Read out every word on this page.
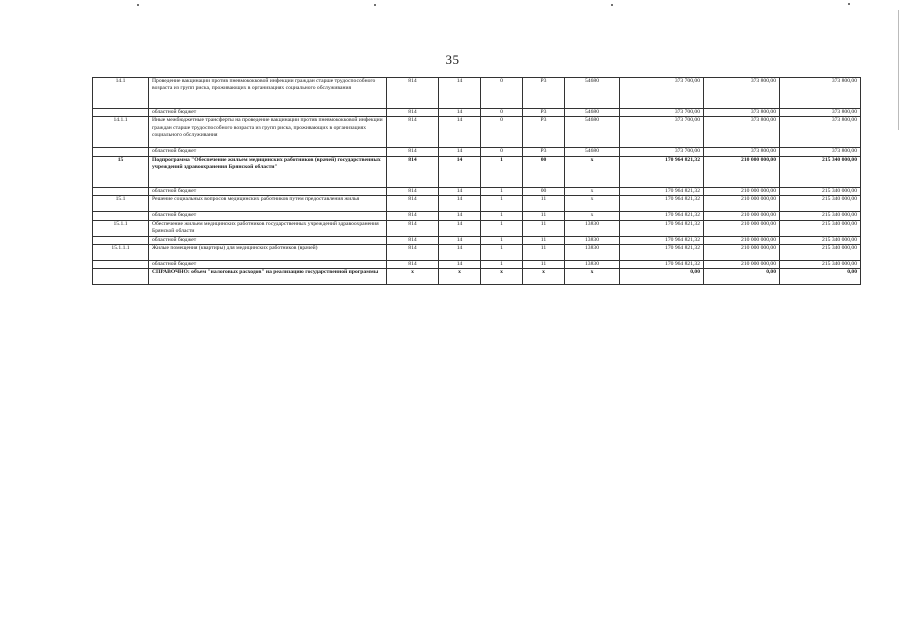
35
14.1	Проведение вакцинации против пневмококковой инфекции граждан старше трудоспособного возраста из групп риска, проживающих в организациях социального обслуживания	814	14	0	P3	54680	373 700,00	373 800,00	373 800,00
	областной бюджет	814	14	0	P3	54680	373 700,00	373 800,00	373 800,00
14.1.1	Иные межбюджетные трансферты на проведение вакцинации против пневмококковой инфекции граждан старше трудоспособного возраста из групп риска, проживающих в организациях социального обслуживания	814	14	0	P3	54680	373 700,00	373 800,00	373 800,00
	областной бюджет	814	14	0	P3	54680	373 700,00	373 800,00	373 800,00
15	Подпрограмма "Обеспечение жильем медицинских работников (врачей) государственных учреждений здравоохранения Брянской области"	814	14	1	00	х	170 964 821,32	210 000 000,00	215 340 000,00
	областной бюджет	814	14	1	00	х	170 964 821,32	210 000 000,00	215 340 000,00
15.1	Решение социальных вопросов медицинских работников путем предоставления жилья	814	14	1	11	х	170 964 821,32	210 000 000,00	215 340 000,00
	областной бюджет	814	14	1	11	х	170 964 821,32	210 000 000,00	215 340 000,00
15.1.1	Обеспечение жильем медицинских работников государственных учреждений здравоохранения Брянской области	814	14	1	11	13830	170 964 821,32	210 000 000,00	215 340 000,00
	областной бюджет	814	14	1	11	13830	170 964 821,32	210 000 000,00	215 340 000,00
15.1.1.1	Жилые помещения (квартиры) для медицинских работников (врачей)	814	14	1	11	13830	170 964 821,32	210 000 000,00	215 340 000,00
	областной бюджет	814	14	1	11	13830	170 964 821,32	210 000 000,00	215 340 000,00
	СПРАВОЧНО: объем "налоговых расходов" на реализацию государственной программы	х	х	х	х	х	0,00	0,00	0,00
